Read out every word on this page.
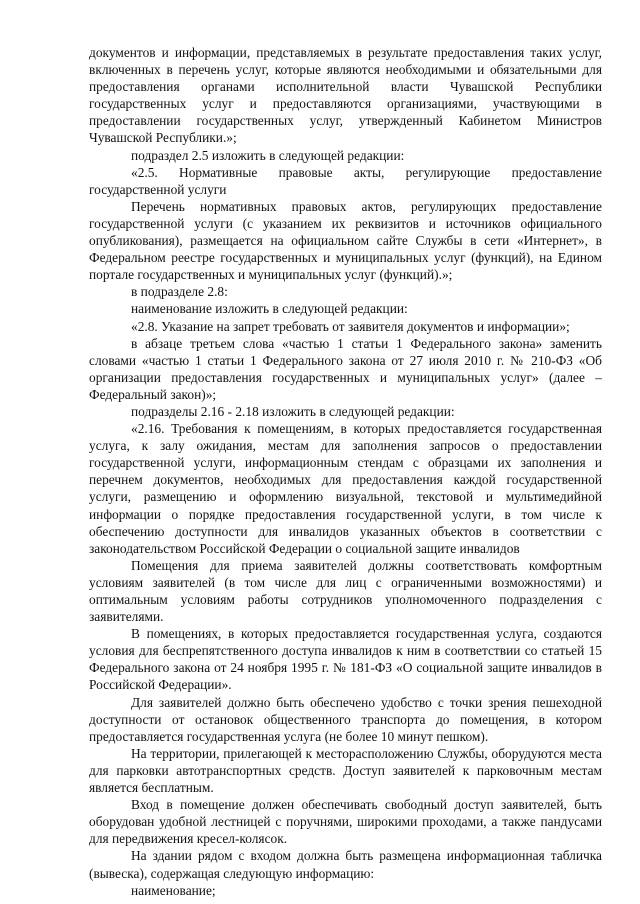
документов и информации, представляемых в результате предоставления таких услуг, включенных в перечень услуг, которые являются необходимыми и обязательными для предоставления органами исполнительной власти Чувашской Республики государственных услуг и предоставляются организациями, участвующими в предоставлении государственных услуг, утвержденный Кабинетом Министров Чувашской Республики.»;

подраздел 2.5 изложить в следующей редакции:

«2.5. Нормативные правовые акты, регулирующие предоставление государственной услуги

Перечень нормативных правовых актов, регулирующих предоставление государственной услуги (с указанием их реквизитов и источников официального опубликования), размещается на официальном сайте Службы в сети «Интернет», в Федеральном реестре государственных и муниципальных услуг (функций), на Едином портале государственных и муниципальных услуг (функций).»;

в подразделе 2.8:

наименование изложить в следующей редакции:

«2.8. Указание на запрет требовать от заявителя документов и информации»;

в абзаце третьем слова «частью 1 статьи 1 Федерального закона» заменить словами «частью 1 статьи 1 Федерального закона от 27 июля 2010 г. № 210-ФЗ «Об организации предоставления государственных и муниципальных услуг» (далее – Федеральный закон)»;

подразделы 2.16 - 2.18 изложить в следующей редакции:

«2.16. Требования к помещениям, в которых предоставляется государственная услуга, к залу ожидания, местам для заполнения запросов о предоставлении государственной услуги, информационным стендам с образцами их заполнения и перечнем документов, необходимых для предоставления каждой государственной услуги, размещению и оформлению визуальной, текстовой и мультимедийной информации о порядке предоставления государственной услуги, в том числе к обеспечению доступности для инвалидов указанных объектов в соответствии с законодательством Российской Федерации о социальной защите инвалидов

Помещения для приема заявителей должны соответствовать комфортным условиям заявителей (в том числе для лиц с ограниченными возможностями) и оптимальным условиям работы сотрудников уполномоченного подразделения с заявителями.

В помещениях, в которых предоставляется государственная услуга, создаются условия для беспрепятственного доступа инвалидов к ним в соответствии со статьей 15 Федерального закона от 24 ноября 1995 г. № 181-ФЗ «О социальной защите инвалидов в Российской Федерации».

Для заявителей должно быть обеспечено удобство с точки зрения пешеходной доступности от остановок общественного транспорта до помещения, в котором предоставляется государственная услуга (не более 10 минут пешком).

На территории, прилегающей к месторасположению Службы, оборудуются места для парковки автотранспортных средств. Доступ заявителей к парковочным местам является бесплатным.

Вход в помещение должен обеспечивать свободный доступ заявителей, быть оборудован удобной лестницей с поручнями, широкими проходами, а также пандусами для передвижения кресел-колясок.

На здании рядом с входом должна быть размещена информационная табличка (вывеска), содержащая следующую информацию:

наименование;
